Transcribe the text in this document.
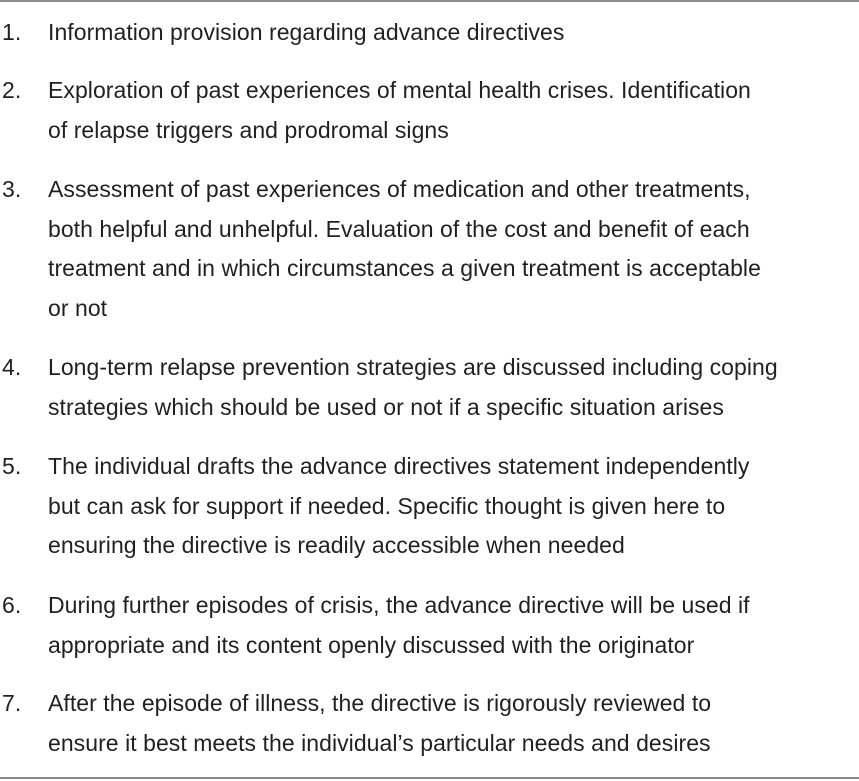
1. Information provision regarding advance directives
2. Exploration of past experiences of mental health crises. Identification
of relapse triggers and prodromal signs
3. Assessment of past experiences of medication and other treatments,
both helpful and unhelpful. Evaluation of the cost and benefit of each
treatment and in which circumstances a given treatment is acceptable
or not
4. Long-term relapse prevention strategies are discussed including coping
strategies which should be used or not if a specific situation arises
5. The individual drafts the advance directives statement independently
but can ask for support if needed. Specific thought is given here to
ensuring the directive is readily accessible when needed
6. During further episodes of crisis, the advance directive will be used if
appropriate and its content openly discussed with the originator
7. After the episode of illness, the directive is rigorously reviewed to
ensure it best meets the individual’s particular needs and desires
